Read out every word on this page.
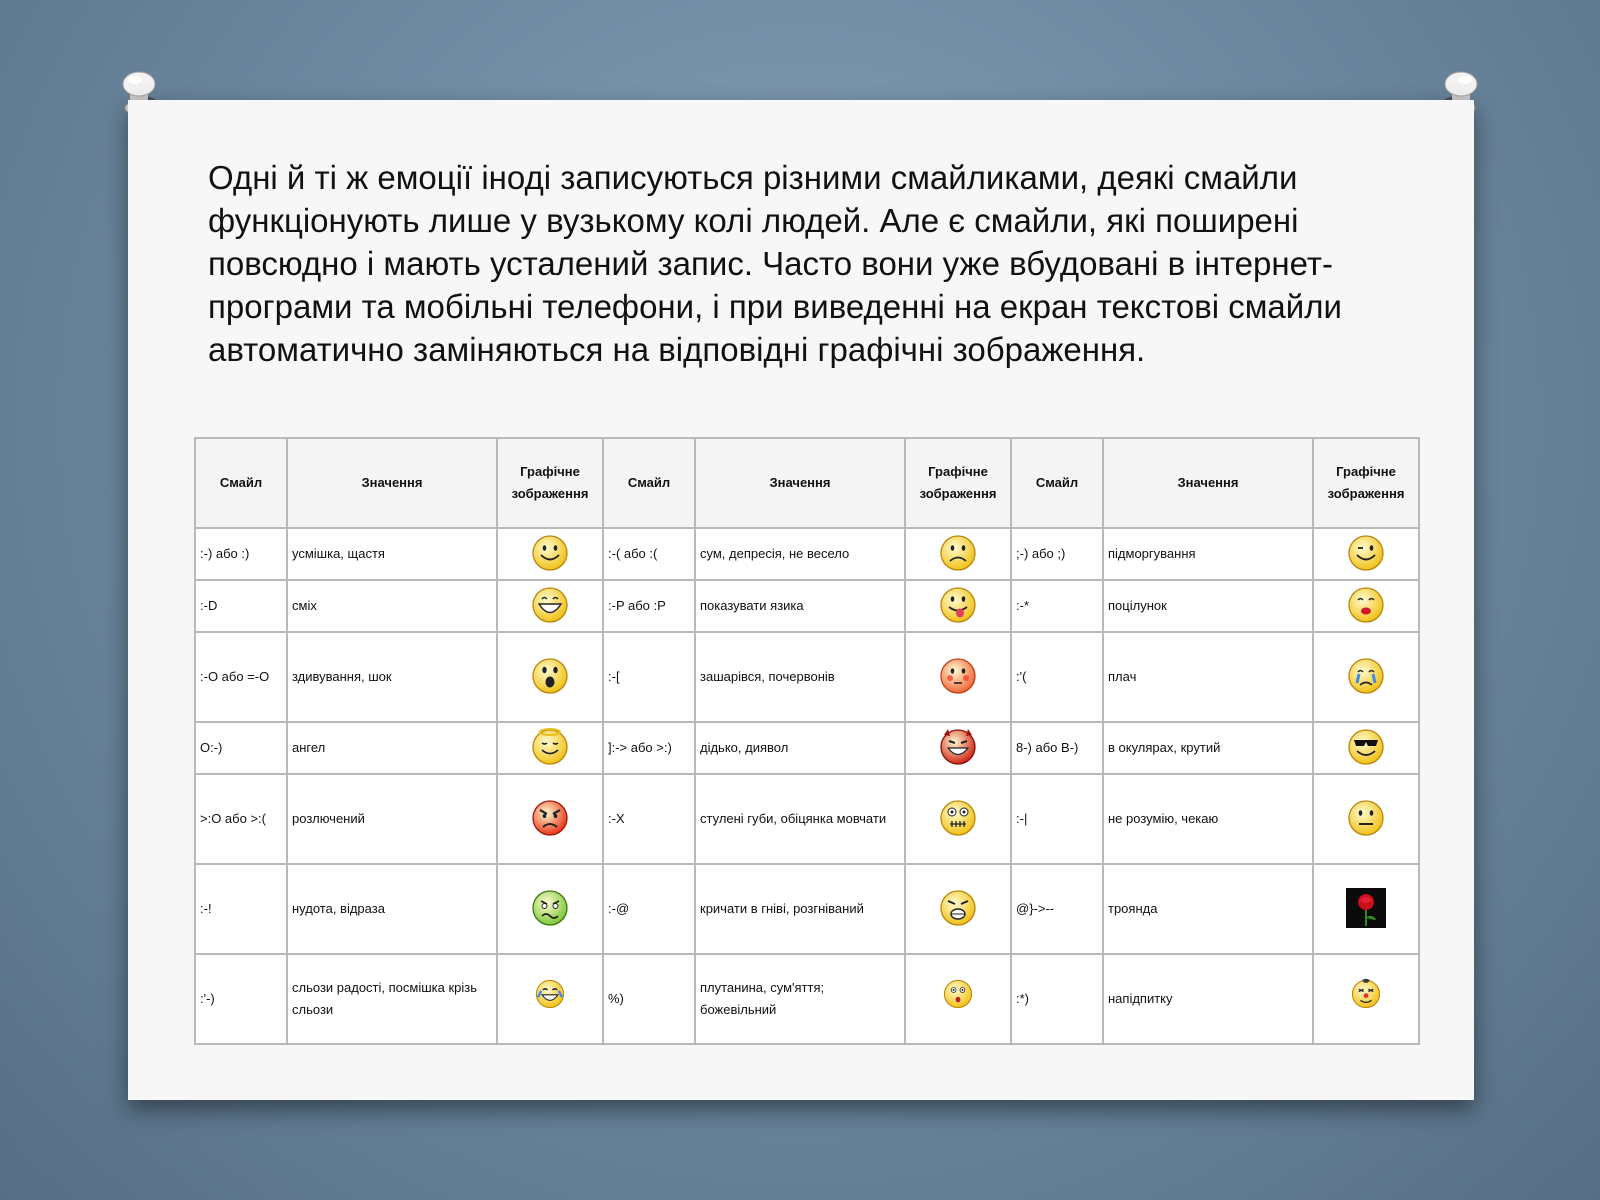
Одні й ті ж емоції іноді записуються різними смайликами, деякі смайли функціонують лише у вузькому колі людей. Але є смайли, які поширені повсюдно і мають усталений запис. Часто вони уже вбудовані в інтернет-програми та мобільні телефони, і при виведенні на екран текстові смайли автоматично заміняються на відповідні графічні зображення.

Смайл	Значення	Графічне зображення	Смайл	Значення	Графічне зображення	Смайл	Значення	Графічне зображення
:-) або :)	усмішка, щастя		:-( або :(	сум, депресія, не весело		;-) або ;)	підморгування	

:-D	сміх		:-P або :P	показувати язика		:-*	поцілунок	

:-O або =-O	здивування, шок		:-[	зашарівся, почервонів		:'(	плач	

O:-)	ангел		]:-> або >:)	дідько, диявол		8-) або B-)	в окулярах, крутий	

>:O або >:(	розлючений		:-X	стулені губи, обіцянка мовчати		:-|	не розумію, чекаю	

:-!	нудота, відраза		:-@	кричати в гніві, розгніваний		@}->--	троянда	

:'-)	сльози радості, посмішка крізь сльози		%)	плутанина, сум'яття; божевільний		:*)	напідпитку	
